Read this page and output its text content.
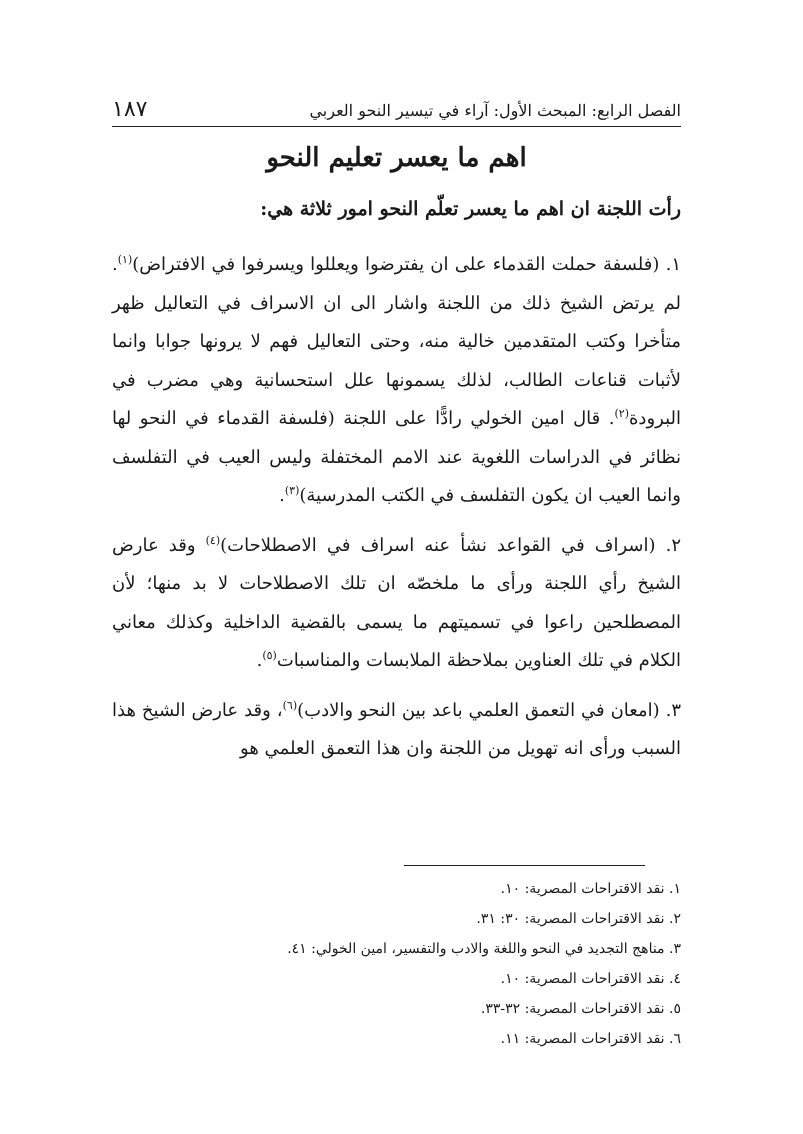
الفصل الرابع: المبحث الأول: آراء في تيسير النحو العربي
١٨٧
اهم ما يعسر تعليم النحو
رأت اللجنة ان اهم ما يعسر تعلّم النحو امور ثلاثة هي:

١. (فلسفة حملت القدماء على ان يفترضوا ويعللوا ويسرفوا في الافتراض)$^{(١)}$. لم يرتض الشيخ ذلك من اللجنة واشار الى ان الاسراف في التعاليل ظهر متأخرا وكتب المتقدمين خالية منه، وحتى التعاليل فهم لا يرونها جوابا وانما لأثبات قناعات الطالب، لذلك يسمونها علل استحسانية وهي مضرب في البرودة$^{(٢)}$. قال امين الخولي رادًّا على اللجنة (فلسفة القدماء في النحو لها نظائر في الدراسات اللغوية عند الامم المختفلة وليس العيب في التفلسف وانما العيب ان يكون التفلسف في الكتب المدرسية)$^{(٣)}$.

٢. (اسراف في القواعد نشأ عنه اسراف في الاصطلاحات)$^{(٤)}$ وقد عارض الشيخ رأي اللجنة ورأى ما ملخصّه ان تلك الاصطلاحات لا بد منها؛ لأن المصطلحين راعوا في تسميتهم ما يسمى بالقضية الداخلية وكذلك معاني الكلام في تلك العناوين بملاحظة الملابسات والمناسبات$^{(٥)}$.

٣. (امعان في التعمق العلمي باعد بين النحو والادب)$^{(٦)}$، وقد عارض الشيخ هذا السبب ورأى انه تهويل من اللجنة وان هذا التعمق العلمي هو

١. نقد الاقتراحات المصرية: ١٠.

٢. نقد الاقتراحات المصرية: ٣٠: ٣١.

٣. مناهج التجديد في النحو واللغة والادب والتفسير، امين الخولي: ٤١.

٤. نقد الاقتراحات المصرية: ١٠.

٥. نقد الاقتراحات المصرية: ٣٢-٣٣.

٦. نقد الاقتراحات المصرية: ١١.
